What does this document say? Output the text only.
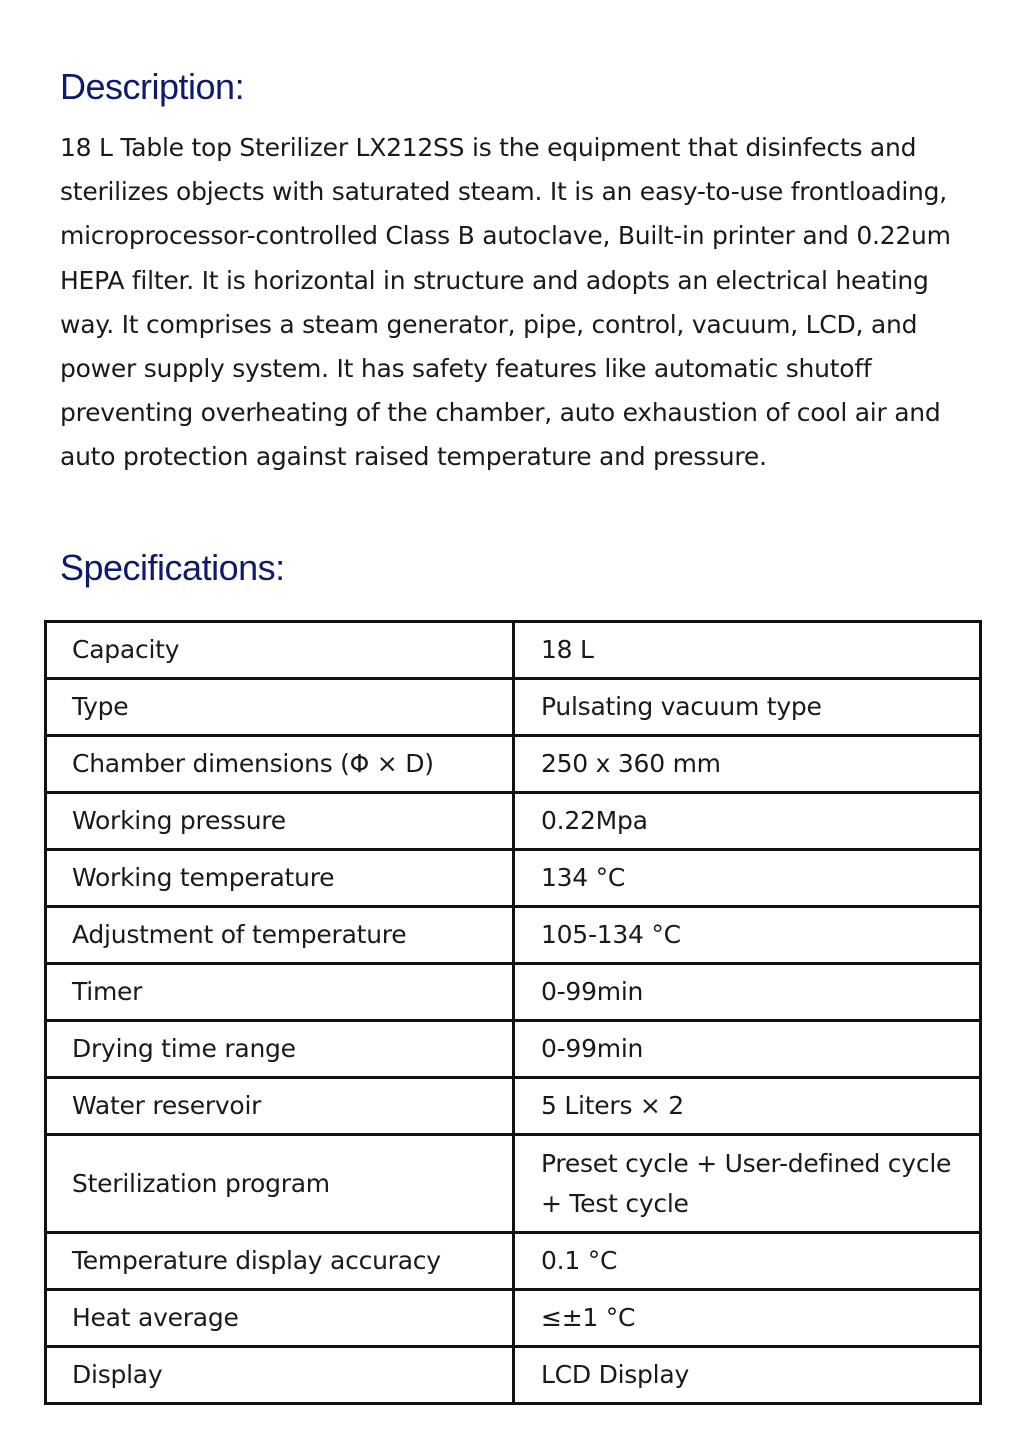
Description:

18 L Table top Sterilizer LX212SS is the equipment that disinfects and sterilizes objects with saturated steam. It is an easy-to-use frontloading, microprocessor-controlled Class B autoclave, Built-in printer and 0.22um HEPA filter. It is horizontal in structure and adopts an electrical heating way. It comprises a steam generator, pipe, control, vacuum, LCD, and power supply system. It has safety features like automatic shutoff preventing overheating of the chamber, auto exhaustion of cool air and auto protection against raised temperature and pressure.

Specifications:
Capacity	18 L
Type	Pulsating vacuum type
Chamber dimensions (Φ × D)	250 x 360 mm
Working pressure	0.22Mpa
Working temperature	134 °C
Adjustment of temperature	105-134 °C
Timer	0-99min
Drying time range	0-99min
Water reservoir	5 Liters × 2
Sterilization program	Preset cycle + User-defined cycle + Test cycle
Temperature display accuracy	0.1 °C
Heat average	≤±1 °C
Display	LCD Display
